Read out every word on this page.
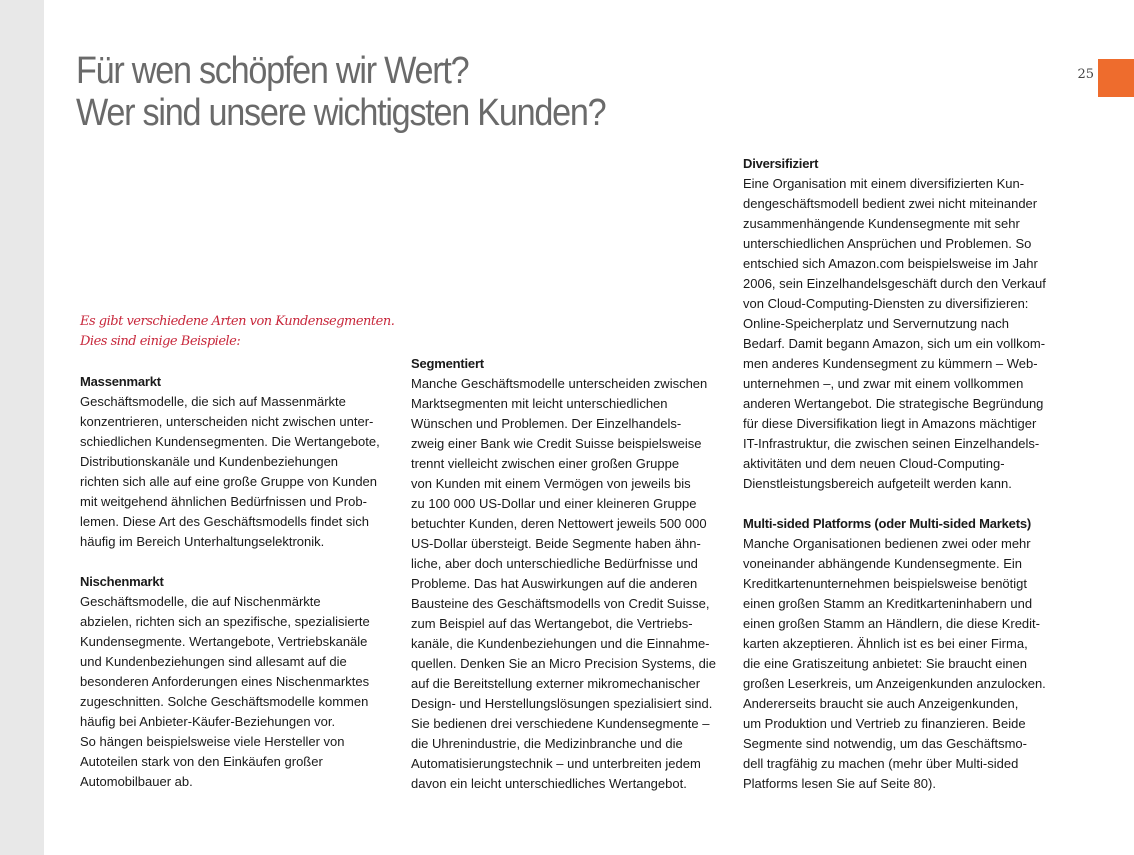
Für wen schöpfen wir Wert?
Wer sind unsere wichtigsten Kunden?
25

Es gibt verschiedene Arten von Kundensegmenten.
Dies sind einige Beispiele:

Massenmarkt
Geschäftsmodelle, die sich auf Massenmärkte
konzentrieren, unterscheiden nicht zwischen unter-
schiedlichen Kundensegmenten. Die Wertangebote,
Distributionskanäle und Kundenbeziehungen
richten sich alle auf eine große Gruppe von Kunden
mit weitgehend ähnlichen Bedürfnissen und Prob-
lemen. Diese Art des Geschäftsmodells findet sich
häufig im Bereich Unterhaltungselektronik.

Nischenmarkt
Geschäftsmodelle, die auf Nischenmärkte
abzielen, richten sich an spezifische, spezialisierte
Kundensegmente. Wertangebote, Vertriebskanäle
und Kundenbeziehungen sind allesamt auf die
besonderen Anforderungen eines Nischenmarktes
zugeschnitten. Solche Geschäftsmodelle kommen
häufig bei Anbieter-Käufer-Beziehungen vor.
So hängen beispielsweise viele Hersteller von
Autoteilen stark von den Einkäufen großer
Automobilbauer ab.

Segmentiert
Manche Geschäftsmodelle unterscheiden zwischen
Marktsegmenten mit leicht unterschiedlichen
Wünschen und Problemen. Der Einzelhandels-
zweig einer Bank wie Credit Suisse beispielsweise
trennt vielleicht zwischen einer großen Gruppe
von Kunden mit einem Vermögen von jeweils bis
zu 100 000 US-Dollar und einer kleineren Gruppe
betuchter Kunden, deren Nettowert jeweils 500 000
US-Dollar übersteigt. Beide Segmente haben ähn-
liche, aber doch unterschiedliche Bedürfnisse und
Probleme. Das hat Auswirkungen auf die anderen
Bausteine des Geschäftsmodells von Credit Suisse,
zum Beispiel auf das Wertangebot, die Vertriebs-
kanäle, die Kundenbeziehungen und die Einnahme-
quellen. Denken Sie an Micro Precision Systems, die
auf die Bereitstellung externer mikromechanischer
Design- und Herstellungslösungen spezialisiert sind.
Sie bedienen drei verschiedene Kundensegmente –
die Uhrenindustrie, die Medizinbranche und die
Automatisierungstechnik – und unterbreiten jedem
davon ein leicht unterschiedliches Wertangebot.

Diversifiziert
Eine Organisation mit einem diversifizierten Kun-
dengeschäftsmodell bedient zwei nicht miteinander
zusammenhängende Kundensegmente mit sehr
unterschiedlichen Ansprüchen und Problemen. So
entschied sich Amazon.com beispielsweise im Jahr
2006, sein Einzelhandelsgeschäft durch den Verkauf
von Cloud-Computing-Diensten zu diversifizieren:
Online-Speicherplatz und Servernutzung nach
Bedarf. Damit begann Amazon, sich um ein vollkom-
men anderes Kundensegment zu kümmern – Web-
unternehmen –, und zwar mit einem vollkommen
anderen Wertangebot. Die strategische Begründung
für diese Diversifikation liegt in Amazons mächtiger
IT-Infrastruktur, die zwischen seinen Einzelhandels-
aktivitäten und dem neuen Cloud-Computing-
Dienstleistungsbereich aufgeteilt werden kann.

Multi-sided Platforms (oder Multi-sided Markets)
Manche Organisationen bedienen zwei oder mehr
voneinander abhängende Kundensegmente. Ein
Kreditkartenunternehmen beispielsweise benötigt
einen großen Stamm an Kreditkarteninhabern und
einen großen Stamm an Händlern, die diese Kredit-
karten akzeptieren. Ähnlich ist es bei einer Firma,
die eine Gratiszeitung anbietet: Sie braucht einen
großen Leserkreis, um Anzeigenkunden anzulocken.
Andererseits braucht sie auch Anzeigenkunden,
um Produktion und Vertrieb zu finanzieren. Beide
Segmente sind notwendig, um das Geschäftsmo-
dell tragfähig zu machen (mehr über Multi-sided
Platforms lesen Sie auf Seite 80).
